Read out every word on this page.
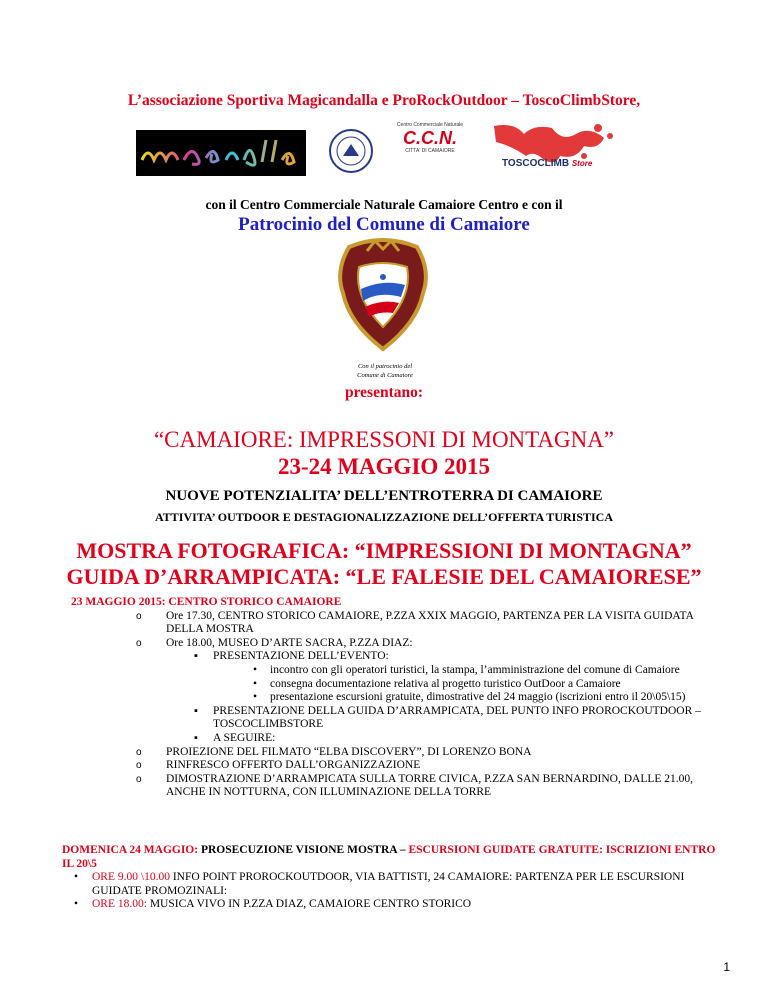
L’associazione Sportiva Magicandalla e ProRockOutdoor – ToscoClimbStore,
Centro Commerciale Naturale
C.C.N.
CITTA' DI CAMAIORE
TOSCOCLIMB Store
con il Centro Commerciale Naturale Camaiore Centro e con il
Patrocinio del Comune di Camaiore
Con il patrocinio del
Comune di Camaiore
presentano:
“CAMAIORE: IMPRESSONI DI MONTAGNA”
23-24 MAGGIO 2015
NUOVE POTENZIALITA’ DELL’ENTROTERRA DI CAMAIORE
ATTIVITA’ OUTDOOR E DESTAGIONALIZZAZIONE DELL’OFFERTA TURISTICA
MOSTRA FOTOGRAFICA: “IMPRESSIONI DI MONTAGNA”
GUIDA D’ARRAMPICATA: “LE FALESIE DEL CAMAIORESE”
23 MAGGIO 2015: CENTRO STORICO CAMAIORE
o Ore 17.30, CENTRO STORICO CAMAIORE, P.ZZA XXIX MAGGIO, PARTENZA PER LA VISITA GUIDATA DELLA MOSTRA
o Ore 18.00, MUSEO D’ARTE SACRA, P.ZZA DIAZ:
▪ PRESENTAZIONE DELL’EVENTO:
• incontro con gli operatori turistici, la stampa, l’amministrazione del comune di Camaiore
• consegna documentazione relativa al progetto turistico OutDoor a Camaiore
• presentazione escursioni gratuite, dimostrative del 24 maggio (iscrizioni entro il 20\05\15)
▪ PRESENTAZIONE DELLA GUIDA D’ARRAMPICATA, DEL PUNTO INFO PROROCKOUTDOOR – TOSCOCLIMBSTORE
▪ A SEGUIRE:
o PROIEZIONE DEL FILMATO “ELBA DISCOVERY”, DI LORENZO BONA
o RINFRESCO OFFERTO DALL’ORGANIZZAZIONE
o DIMOSTRAZIONE D’ARRAMPICATA SULLA TORRE CIVICA, P.ZZA SAN BERNARDINO, DALLE 21.00, ANCHE IN NOTTURNA, CON ILLUMINAZIONE DELLA TORRE
DOMENICA 24 MAGGIO: PROSECUZIONE VISIONE MOSTRA – ESCURSIONI GUIDATE GRATUITE: ISCRIZIONI ENTRO IL 20\5
• ORE 9.00 \10.00 INFO POINT PROROCKOUTDOOR, VIA BATTISTI, 24 CAMAIORE: PARTENZA PER LE ESCURSIONI GUIDATE PROMOZINALI:
• ORE 18.00: MUSICA VIVO IN P.ZZA DIAZ, CAMAIORE CENTRO STORICO
1
